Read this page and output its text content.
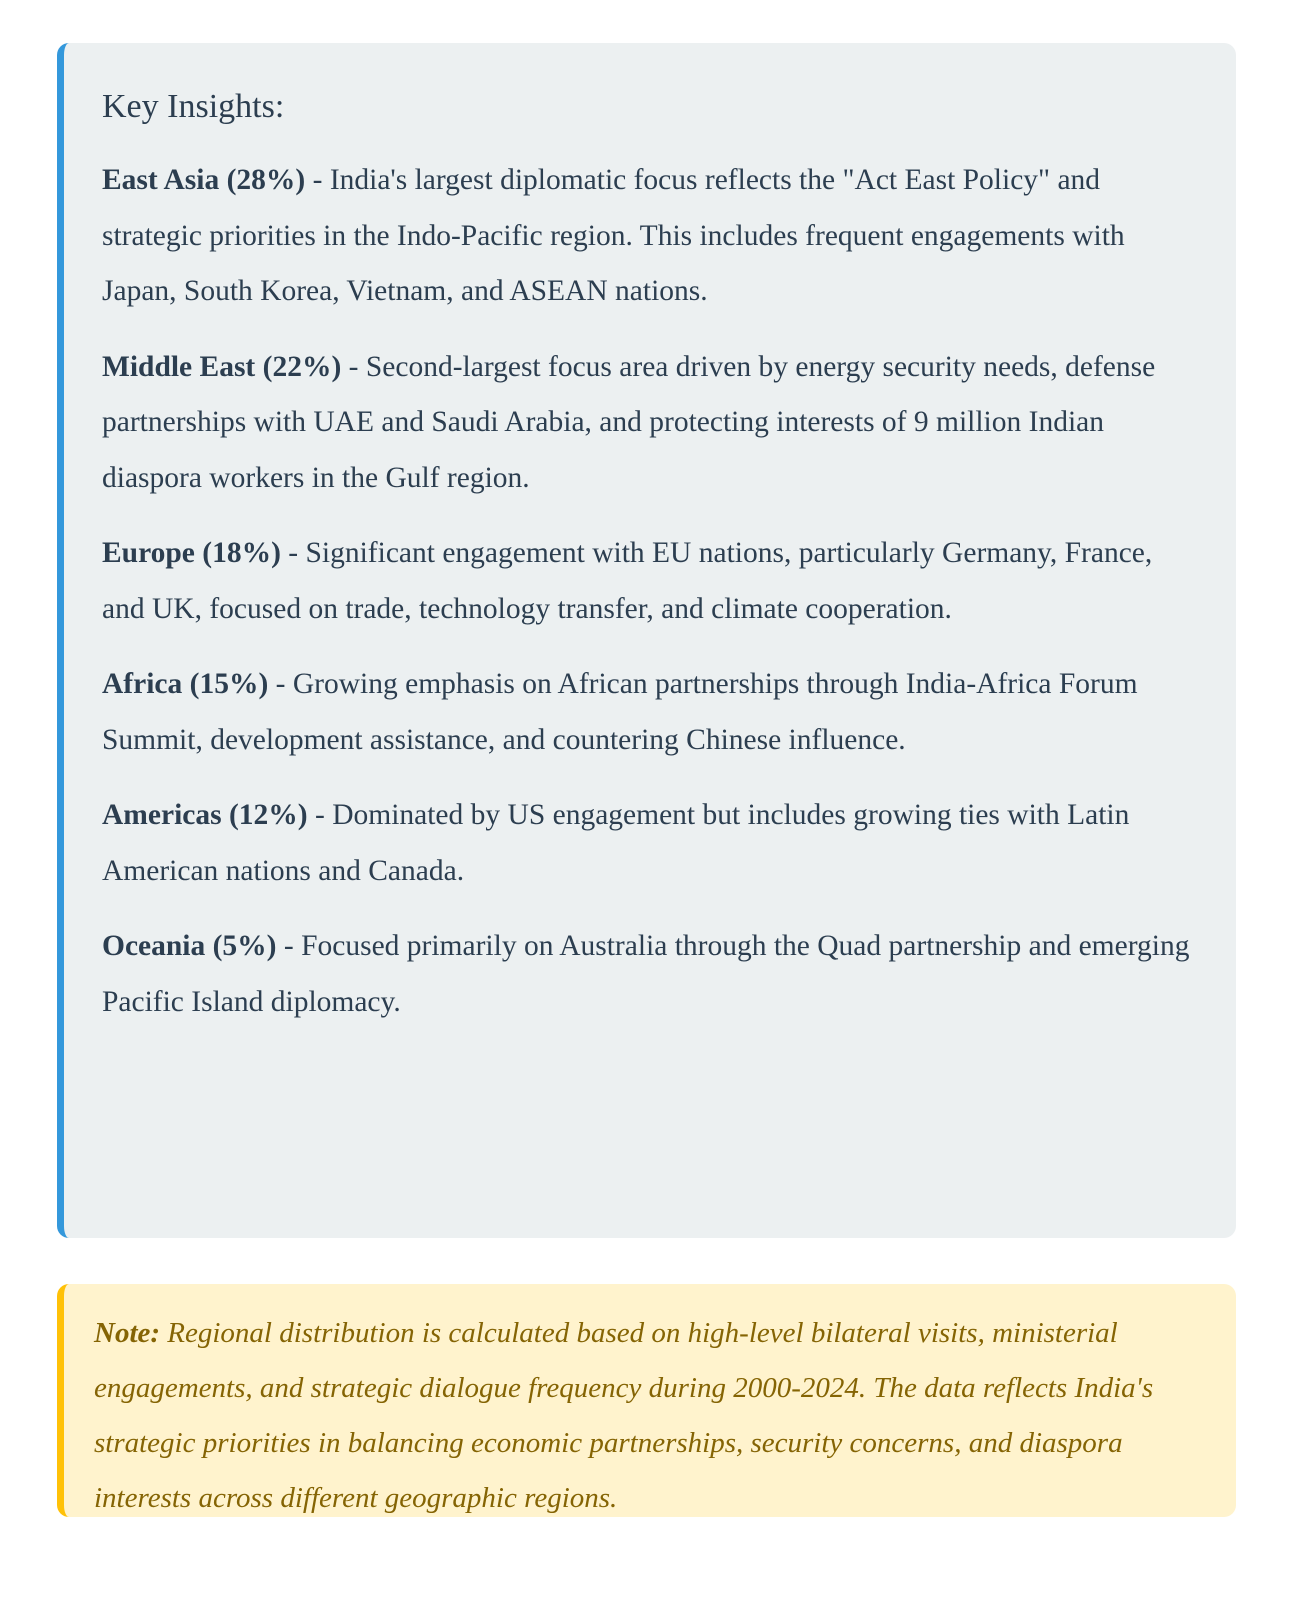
Key Insights:

East Asia (28%) - India's largest diplomatic focus reflects the "Act East Policy" and strategic priorities in the Indo-Pacific region. This includes frequent engagements with Japan, South Korea, Vietnam, and ASEAN nations.

Middle East (22%) - Second-largest focus area driven by energy security needs, defense partnerships with UAE and Saudi Arabia, and protecting interests of 9 million Indian diaspora workers in the Gulf region.

Europe (18%) - Significant engagement with EU nations, particularly Germany, France, and UK, focused on trade, technology transfer, and climate cooperation.

Africa (15%) - Growing emphasis on African partnerships through India-Africa Forum Summit, development assistance, and countering Chinese influence.

Americas (12%) - Dominated by US engagement but includes growing ties with Latin American nations and Canada.

Oceania (5%) - Focused primarily on Australia through the Quad partnership and emerging Pacific Island diplomacy.

Note: Regional distribution is calculated based on high-level bilateral visits, ministerial engagements, and strategic dialogue frequency during 2000-2024. The data reflects India's strategic priorities in balancing economic partnerships, security concerns, and diaspora interests across different geographic regions.
